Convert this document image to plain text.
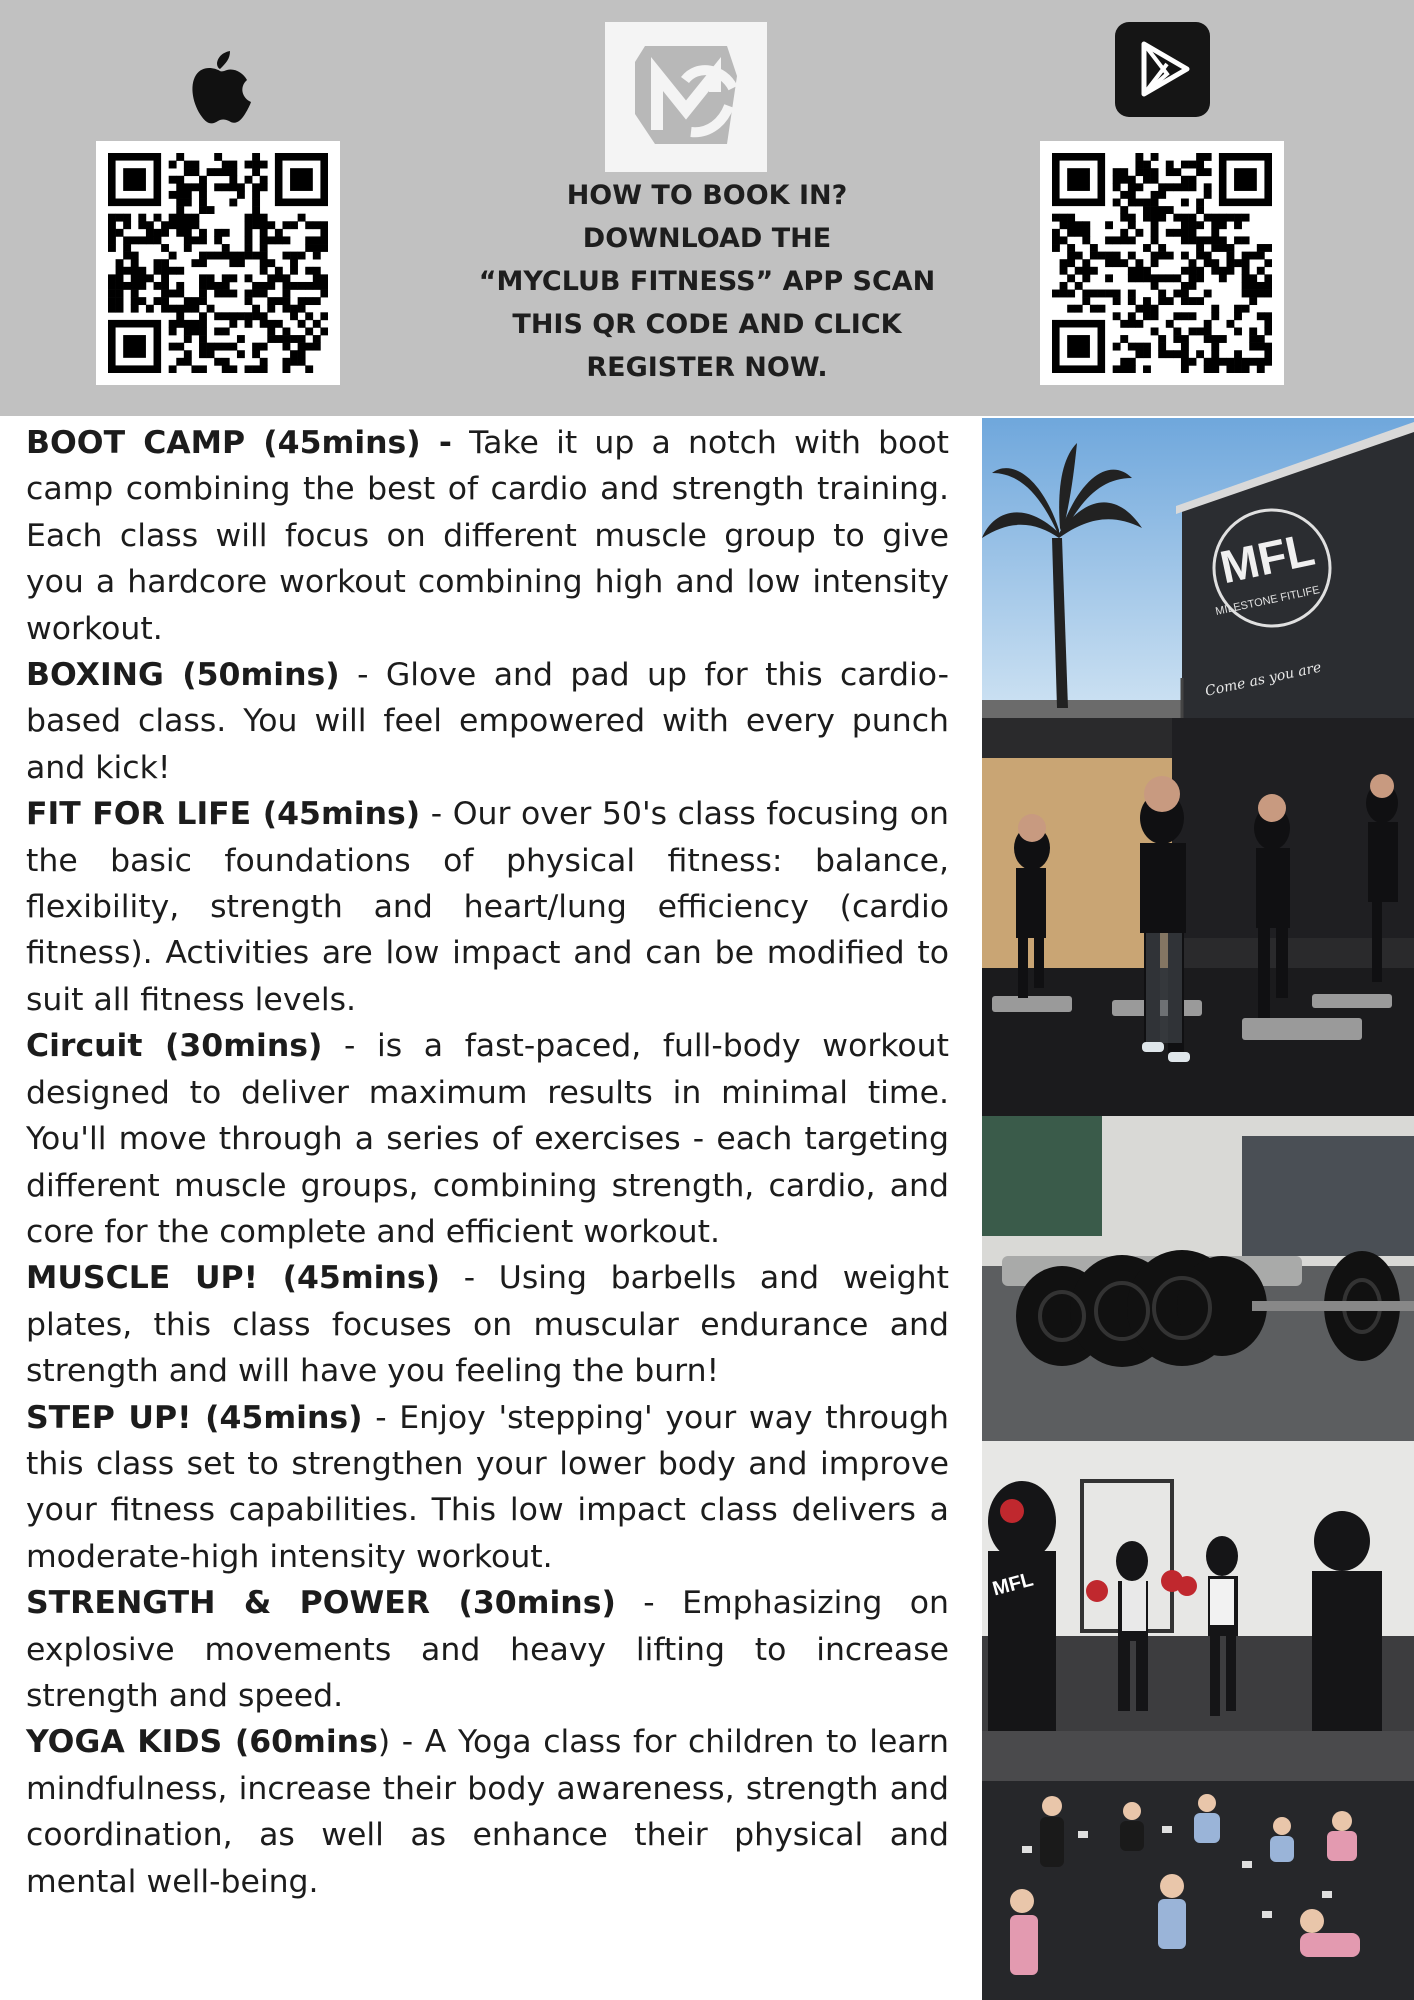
HOW TO BOOK IN?
DOWNLOAD THE
“MYCLUB FITNESS” APP SCAN
THIS QR CODE AND CLICK
REGISTER NOW.

BOOT CAMP (45mins) - Take it up a notch with boot camp combining the best of cardio and strength training. Each class will focus on different muscle group to give you a hardcore workout combining high and low intensity workout.

BOXING (50mins) - Glove and pad up for this cardio-based class. You will feel empowered with every punch and kick!

FIT FOR LIFE (45mins) - Our over 50's class focusing on the basic foundations of physical fitness: balance, flexibility, strength and heart/lung efficiency (cardio fitness). Activities are low impact and can be modified to suit all fitness levels.

Circuit (30mins) - is a fast-paced, full-body workout designed to deliver maximum results in minimal time. You'll move through a series of exercises - each targeting different muscle groups, combining strength, cardio, and core for the complete and efficient workout.

MUSCLE UP! (45mins) - Using barbells and weight plates, this class focuses on muscular endurance and strength and will have you feeling the burn!

STEP UP! (45mins) - Enjoy 'stepping' your way through this class set to strengthen your lower body and improve your fitness capabilities. This low impact class delivers a moderate-high intensity workout.

STRENGTH & POWER (30mins) - Emphasizing on explosive movements and heavy lifting to increase strength and speed.

YOGA KIDS (60mins) - A Yoga class for children to learn mindfulness, increase their body awareness, strength and coordination, as well as enhance their physical and mental well-being.

MFL
MILESTONE FITLIFE
Come as you are
MFL
